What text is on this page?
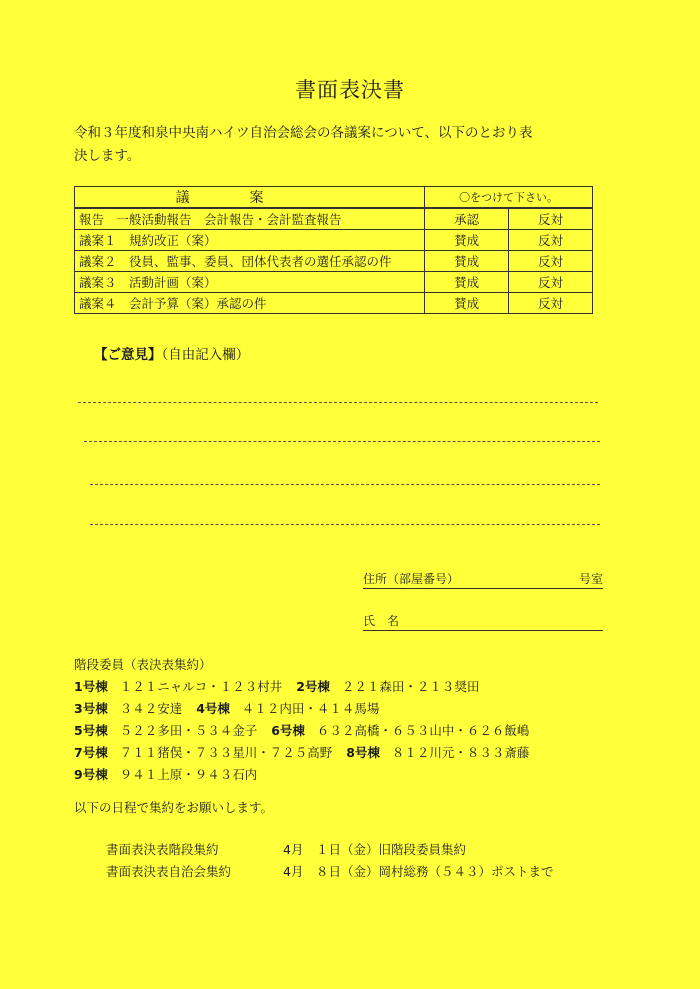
書面表決書
令和３年度和泉中央南ハイツ自治会総会の各議案について、以下のとおり表
決します。
議案	〇をつけて下さい。	
報告　一般活動報告　会計報告・会計監査報告	承認	反対
議案１　規約改正（案）	賛成	反対
議案２　役員、監事、委員、団体代表者の選任承認の件	賛成	反対
議案３　活動計画（案）	賛成	反対
議案４　会計予算（案）承認の件	賛成	反対
【ご意見】（自由記入欄）
住所（部屋番号）	号室
氏　名
階段委員（表決表集約）
1号棟 １２１ニャルコ・１２３村井 2号棟 ２２１森田・２１３奨田
3号棟 ３４２安達 4号棟 ４１２内田・４１４馬場
5号棟 ５２２多田・５３４金子 6号棟 ６３２高橋・６５３山中・６２６飯嶋
7号棟 ７１１猪俣・７３３星川・７２５高野 8号棟 ８１２川元・８３３斎藤
9号棟 ９４１上原・９４３石内
以下の日程で集約をお願いします。
書面表決表階段集約	4月　１日（金）旧階段委員集約
書面表決表自治会集約	4月　８日（金）岡村総務（５４３）ポストまで
